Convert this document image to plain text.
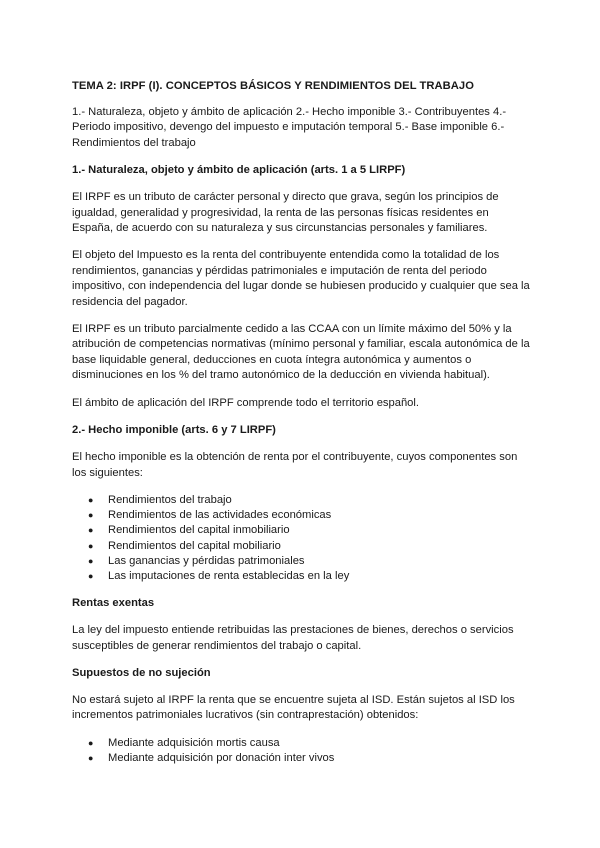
TEMA 2: IRPF (I). CONCEPTOS BÁSICOS Y RENDIMIENTOS DEL TRABAJO

1.- Naturaleza, objeto y ámbito de aplicación 2.- Hecho imponible 3.- Contribuyentes 4.- Periodo impositivo, devengo del impuesto e imputación temporal 5.- Base imponible 6.- Rendimientos del trabajo

1.- Naturaleza, objeto y ámbito de aplicación (arts. 1 a 5 LIRPF)

El IRPF es un tributo de carácter personal y directo que grava, según los principios de igualdad, generalidad y progresividad, la renta de las personas físicas residentes en España, de acuerdo con su naturaleza y sus circunstancias personales y familiares.

El objeto del Impuesto es la renta del contribuyente entendida como la totalidad de los rendimientos, ganancias y pérdidas patrimoniales e imputación de renta del periodo impositivo, con independencia del lugar donde se hubiesen producido y cualquier que sea la residencia del pagador.

El IRPF es un tributo parcialmente cedido a las CCAA con un límite máximo del 50% y la atribución de competencias normativas (mínimo personal y familiar, escala autonómica de la base liquidable general, deducciones en cuota íntegra autonómica y aumentos o disminuciones en los % del tramo autonómico de la deducción en vivienda habitual).

El ámbito de aplicación del IRPF comprende todo el territorio español.

2.- Hecho imponible (arts. 6 y 7 LIRPF)

El hecho imponible es la obtención de renta por el contribuyente, cuyos componentes son los siguientes:

● Rendimientos del trabajo
● Rendimientos de las actividades económicas
● Rendimientos del capital inmobiliario
● Rendimientos del capital mobiliario
● Las ganancias y pérdidas patrimoniales
● Las imputaciones de renta establecidas en la ley
Rentas exentas

La ley del impuesto entiende retribuidas las prestaciones de bienes, derechos o servicios susceptibles de generar rendimientos del trabajo o capital.

Supuestos de no sujeción

No estará sujeto al IRPF la renta que se encuentre sujeta al ISD. Están sujetos al ISD los incrementos patrimoniales lucrativos (sin contraprestación) obtenidos:

● Mediante adquisición mortis causa
● Mediante adquisición por donación inter vivos
